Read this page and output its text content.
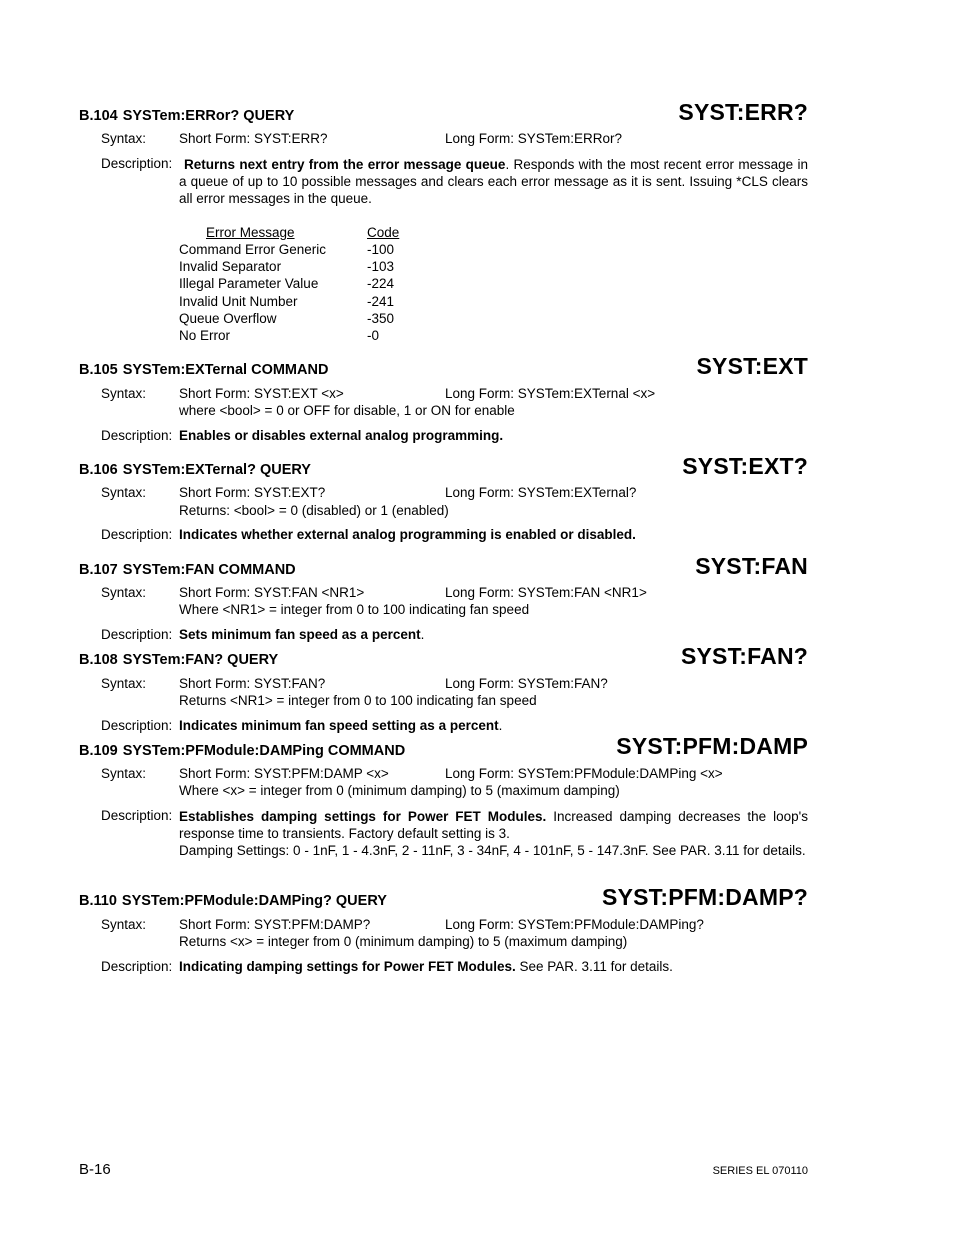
B.104 SYSTem:ERRor? QUERY	SYST:ERR?
Syntax: Short Form: SYST:ERR?	Long Form: SYSTem:ERRor?
Description: Returns next entry from the error message queue. Responds with the most recent error message in a queue of up to 10 possible messages and clears each error message as it is sent. Issuing *CLS clears all error messages in the queue.
Error Message	Code
Command Error Generic	-100
Invalid Separator	-103
Illegal Parameter Value	-224
Invalid Unit Number	-241
Queue Overflow	-350
No Error	-0
B.105 SYSTem:EXTernal COMMAND	SYST:EXT
Syntax: Short Form: SYST:EXT <x>	Long Form: SYSTem:EXTernal <x>
where <bool> = 0 or OFF for disable, 1 or ON for enable
Description: Enables or disables external analog programming.
B.106 SYSTem:EXTernal? QUERY	SYST:EXT?
Syntax: Short Form: SYST:EXT?	Long Form: SYSTem:EXTernal?
Returns: <bool> = 0 (disabled) or 1 (enabled)
Description: Indicates whether external analog programming is enabled or disabled.
B.107 SYSTem:FAN COMMAND	SYST:FAN
Syntax: Short Form: SYST:FAN <NR1>	Long Form: SYSTem:FAN <NR1>
Where <NR1> = integer from 0 to 100 indicating fan speed
Description: Sets minimum fan speed as a percent.
B.108 SYSTem:FAN? QUERY	SYST:FAN?
Syntax: Short Form: SYST:FAN?	Long Form: SYSTem:FAN?
Returns <NR1> = integer from 0 to 100 indicating fan speed
Description: Indicates minimum fan speed setting as a percent.
B.109 SYSTem:PFModule:DAMPing COMMAND	SYST:PFM:DAMP
Syntax: Short Form: SYST:PFM:DAMP <x>	Long Form: SYSTem:PFModule:DAMPing <x>
Where <x> = integer from 0 (minimum damping) to 5 (maximum damping)
Description: Establishes damping settings for Power FET Modules. Increased damping decreases the loop's response time to transients. Factory default setting is 3.
Damping Settings: 0 - 1nF, 1 - 4.3nF, 2 - 11nF, 3 - 34nF, 4 - 101nF, 5 - 147.3nF. See PAR. 3.11 for details.
B.110 SYSTem:PFModule:DAMPing? QUERY	SYST:PFM:DAMP?
Syntax: Short Form: SYST:PFM:DAMP?	Long Form: SYSTem:PFModule:DAMPing?
Returns <x> = integer from 0 (minimum damping) to 5 (maximum damping)
Description: Indicating damping settings for Power FET Modules. See PAR. 3.11 for details.
B-16	SERIES EL 070110
